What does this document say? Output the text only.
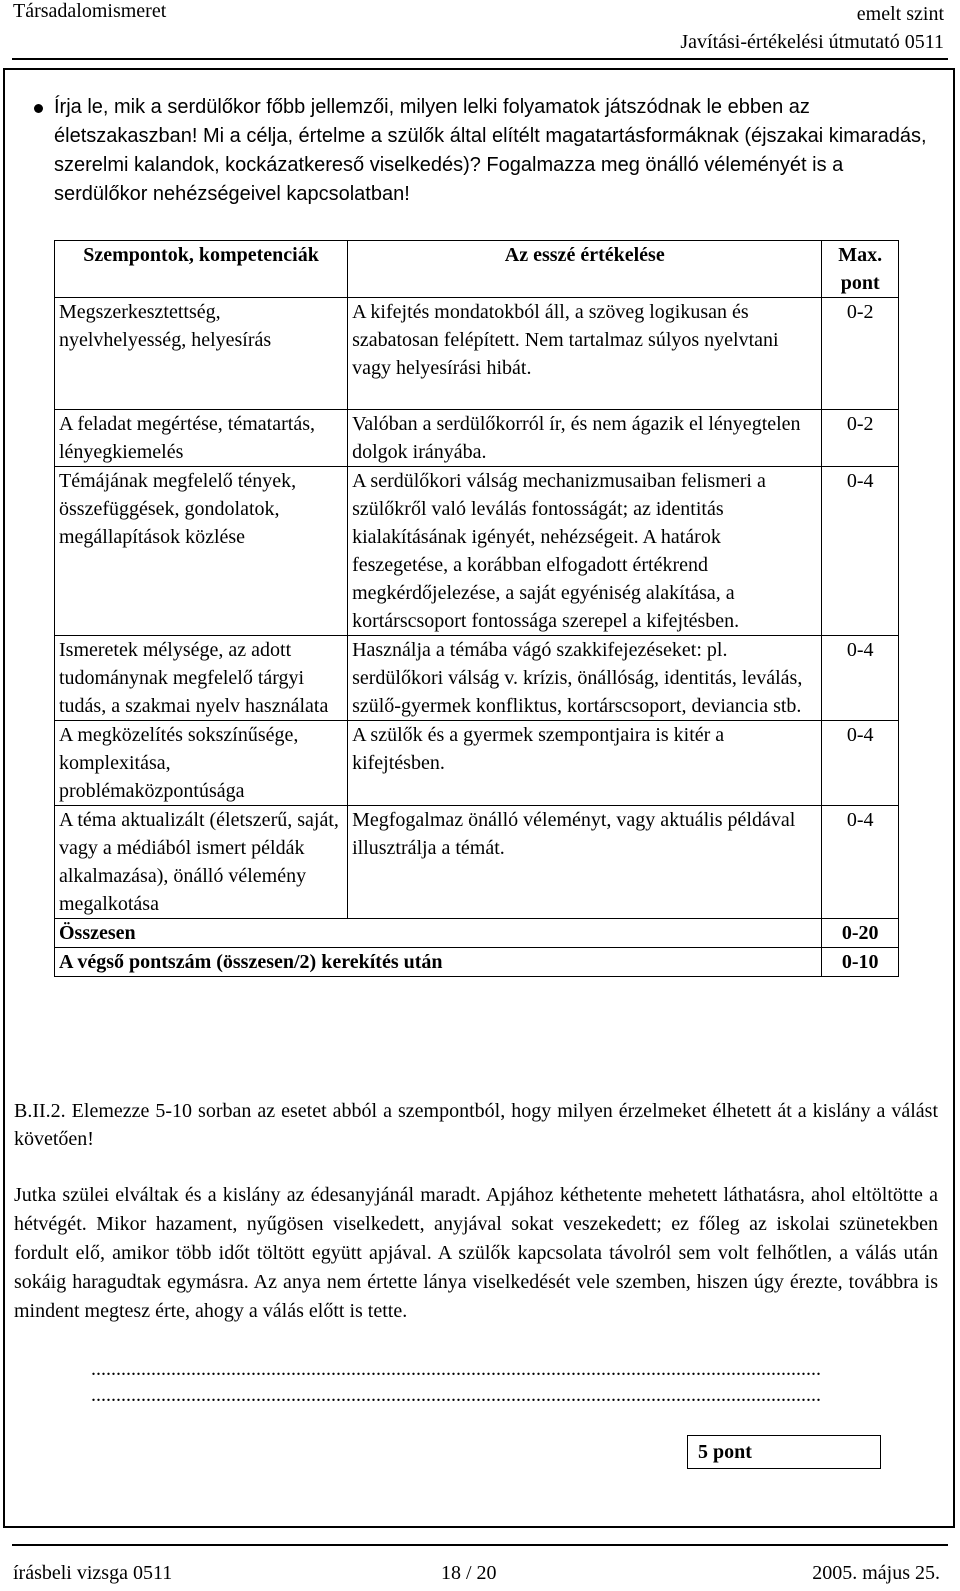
Társadalomismeret	emelt szint
Javítási-értékelési útmutató 0511
Írja le, mik a serdülőkor főbb jellemzői, milyen lelki folyamatok játszódnak le ebben az életszakaszban! Mi a célja, értelme a szülők által elítélt magatartásformáknak (éjszakai kimaradás, szerelmi kalandok, kockázatkereső viselkedés)? Fogalmazza meg önálló véleményét is a serdülőkor nehézségeivel kapcsolatban!
Szempontok, kompetenciák	Az esszé értékelése	Max. pont
Megszerkesztettség, nyelvhelyesség, helyesírás	A kifejtés mondatokból áll, a szöveg logikusan és szabatosan felépített. Nem tartalmaz súlyos nyelvtani vagy helyesírási hibát.	0-2
A feladat megértése, tématartás, lényegkiemelés	Valóban a serdülőkorról ír, és nem ágazik el lényegtelen dolgok irányába.	0-2
Témájának megfelelő tények, összefüggések, gondolatok, megállapítások közlése	A serdülőkori válság mechanizmusaiban felismeri a szülőkről való leválás fontosságát; az identitás kialakításának igényét, nehézségeit. A határok feszegetése, a korábban elfogadott értékrend megkérdőjelezése, a saját egyéniség alakítása, a kortárscsoport fontossága szerepel a kifejtésben.	0-4
Ismeretek mélysége, az adott tudománynak megfelelő tárgyi tudás, a szakmai nyelv használata	Használja a témába vágó szakkifejezéseket: pl. serdülőkori válság v. krízis, önállóság, identitás, leválás, szülő-gyermek konfliktus, kortárscsoport, deviancia stb.	0-4
A megközelítés sokszínűsége, komplexitása, problémaközpontúsága	A szülők és a gyermek szempontjaira is kitér a kifejtésben.	0-4
A téma aktualizált (életszerű, saját, vagy a médiából ismert példák alkalmazása), önálló vélemény megalkotása	Megfogalmaz önálló véleményt, vagy aktuális példával illusztrálja a témát.	0-4
Összesen		0-20
A végső pontszám (összesen/2) kerekítés után		0-10
B.II.2. Elemezze 5-10 sorban az esetet abból a szempontból, hogy milyen érzelmeket élhetett át a kislány a válást követően!
Jutka szülei elváltak és a kislány az édesanyjánál maradt. Apjához kéthetente mehetett láthatásra, ahol eltöltötte a hétvégét. Mikor hazament, nyűgösen viselkedett, anyjával sokat veszekedett; ez főleg az iskolai szünetekben fordult elő, amikor több időt töltött együtt apjával. A szülők kapcsolata távolról sem volt felhőtlen, a válás után sokáig haragudtak egymásra. Az anya nem értette lánya viselkedését vele szemben, hiszen úgy érezte, továbbra is mindent megtesz érte, ahogy a válás előtt is tette.
..................................................................................................................................................
..................................................................................................................................................
5 pont
írásbeli vizsga 0511	18 / 20	2005. május 25.
